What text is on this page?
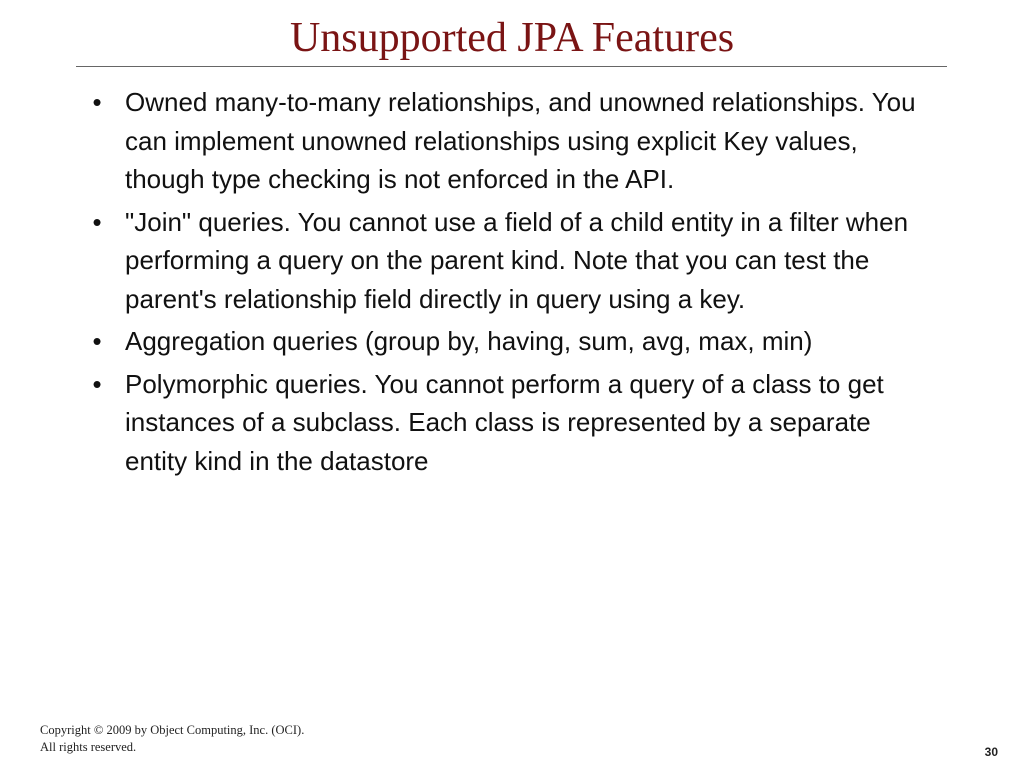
Unsupported JPA Features
• Owned many-to-many relationships, and unowned relationships. You can implement unowned relationships using explicit Key values, though type checking is not enforced in the API.
• "Join" queries. You cannot use a field of a child entity in a filter when performing a query on the parent kind. Note that you can test the parent's relationship field directly in query using a key.
• Aggregation queries (group by, having, sum, avg, max, min)
• Polymorphic queries. You cannot perform a query of a class to get instances of a subclass. Each class is represented by a separate entity kind in the datastore
Copyright © 2009 by Object Computing, Inc. (OCI).
All rights reserved.	30
